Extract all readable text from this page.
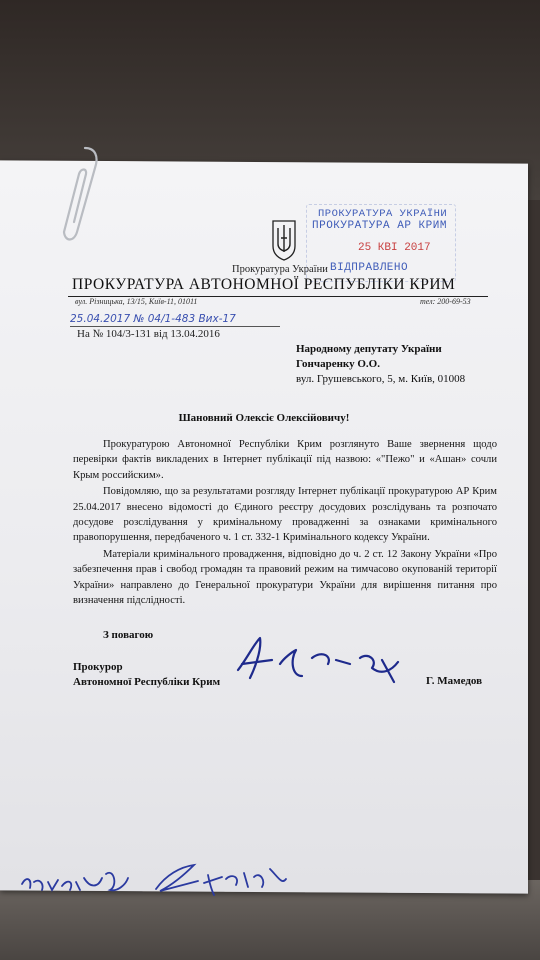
ПРОКУРАТУРА УКРАЇНИ
ПРОКУРАТУРА АР КРИМ
25 КВІ 2017
Прокуратура України ВІДПРАВЛЕНО
ПРОКУРАТУРА АВТОНОМНОЇ РЕСПУБЛІКИ КРИМ
вул. Різницька, 13/15, Київ-11, 01011	тел: 200-69-53
25.04.2017 № 04/1-483 Вих-17
На № 104/3-131 від 13.04.2016
Народному депутату України
Гончаренку О.О.
вул. Грушевського, 5, м. Київ, 01008
Шановний Олексіє Олексійовичу!

Прокуратурою Автономної Республіки Крим розглянуто Ваше звернення щодо перевірки фактів викладених в Інтернет публікації під назвою: «"Пежо" и «Ашан» сочли Крым российским».

Повідомляю, що за результатами розгляду Інтернет публікації прокуратурою АР Крим 25.04.2017 внесено відомості до Єдиного реєстру досудових розслідувань та розпочато досудове розслідування у кримінальному провадженні за ознаками кримінального правопорушення, передбаченого ч. 1 ст. 332-1 Кримінального кодексу України.

Матеріали кримінального провадження, відповідно до ч. 2 ст. 12 Закону України «Про забезпечення прав і свобод громадян та правовий режим на тимчасово окупованій території України» направлено до Генеральної прокуратури України для вирішення питання про визначення підслідності.

З повагою
Прокурор
Автономної Республіки Крим	Г. Мамедов
